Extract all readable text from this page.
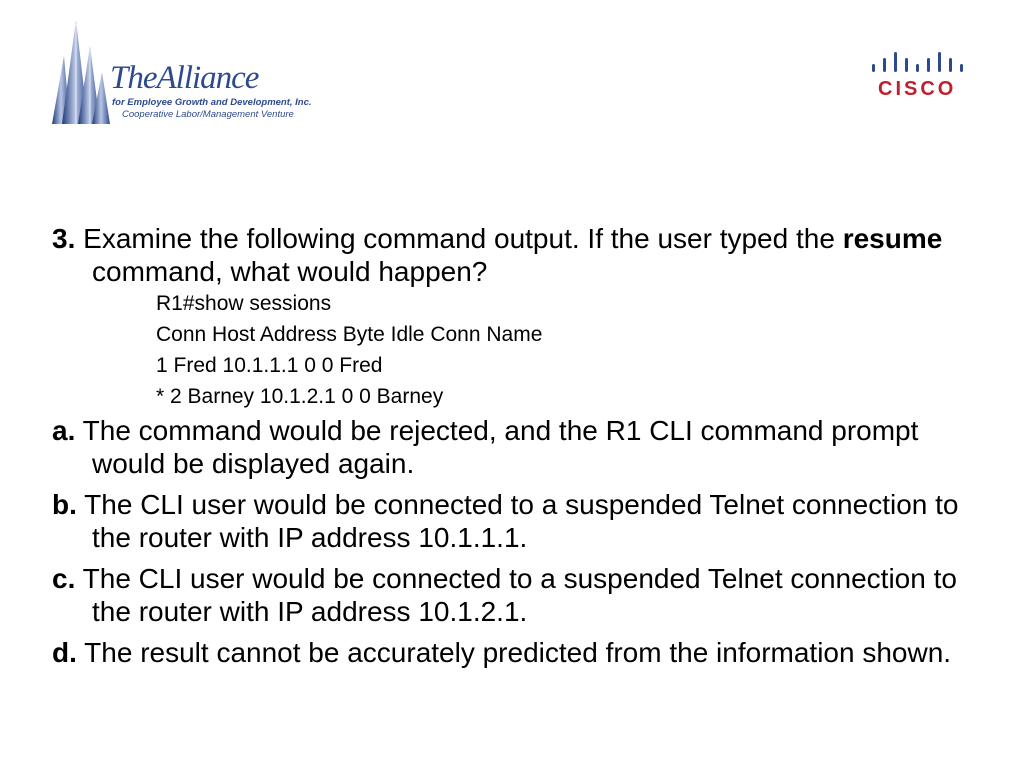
TheAlliance
for Employee Growth and Development, Inc.
Cooperative Labor/Management Venture
CISCO
3. Examine the following command output. If the user typed the resume command, what would happen?
R1#show sessions
Conn Host Address Byte Idle Conn Name
1 Fred 10.1.1.1 0 0 Fred
* 2 Barney 10.1.2.1 0 0 Barney
a. The command would be rejected, and the R1 CLI command prompt would be displayed again.
b. The CLI user would be connected to a suspended Telnet connection to the router with IP address 10.1.1.1.
c. The CLI user would be connected to a suspended Telnet connection to the router with IP address 10.1.2.1.
d. The result cannot be accurately predicted from the information shown.
